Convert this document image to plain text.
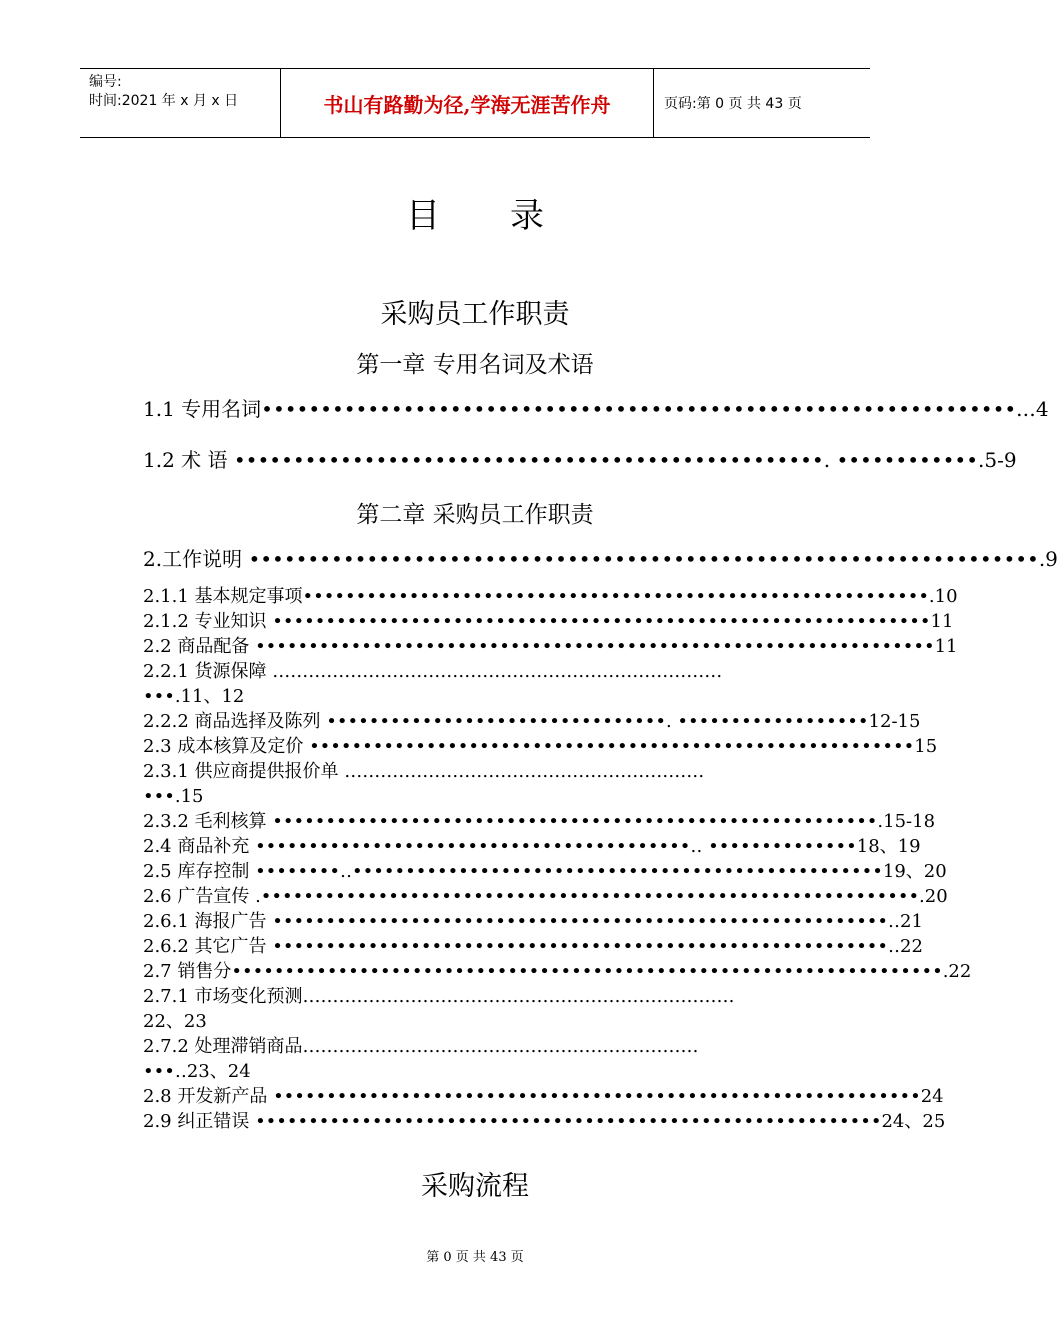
编号:
时间:2021 年 x 月 x 日	书山有路勤为径,学海无涯苦作舟	页码:第 0 页 共 43 页
目录
采购员工作职责
第一章 专用名词及术语
1.1 专用名词••••••••••••••••••••••••••••••••••••••••••••••••••••••••••••••••.‥4
1.2 术 语 ••••••••••••••••••••••••••••••••••••••••••••••••••. ••••••••••••.5-9
第二章 采购员工作职责
2.工作说明 •••••••••••••••••••••••••••••••••••••••••••••••••••••••••••••••••••.9
2.1.1 基本规定事项•••••••••••••••••••••••••••••••••••••••••••••••••••••••••••.10
2.1.2 专业知识 ••••••••••••••••••••••••••••••••••••••••••••••••••••••••••••••11
2.2 商品配备 ••••••••••••••••••••••••••••••••••••••••••••••••••••••••••••••••11
2.2.1 货源保障 …………………………………………………………………
•••.11、12
2.2.2 商品选择及陈列 ••••••••••••••••••••••••••••••••. ••••••••••••••••••12-15
2.3 成本核算及定价 •••••••••••••••••••••••••••••••••••••••••••••••••••••••••15
2.3.1 供应商提供报价单 ……………………………………………………
•••.15
2.3.2 毛利核算 •••••••••••••••••••••••••••••••••••••••••••••••••••••••••.15-18
2.4 商品补充 •••••••••••••••••••••••••••••••••••••••••‥ ••••••••••••••18、19
2.5 库存控制 ••••••••‥••••••••••••••••••••••••••••••••••••••••••••••••••19、20
2.6 广告宣传 .••••••••••••••••••••••••••••••••••••••••••••••••••••••••••••••.20
2.6.1 海报广告 ••••••••••••••••••••••••••••••••••••••••••••••••••••••••••‥21
2.6.2 其它广告 ••••••••••••••••••••••••••••••••••••••••••••••••••••••••••‥22
2.7 销售分•••••••••••••••••••••••••••••••••••••••••••••••••••••••••••••••••••.22
2.7.1 市场变化预测………………………………………………………………
22、23
2.7.2 处理滞销商品…………………………………………………………
•••‥23、24
2.8 开发新产品 •••••••••••••••••••••••••••••••••••••••••••••••••••••••••••••24
2.9 纠正错误 •••••••••••••••••••••••••••••••••••••••••••••••••••••••••••24、25
采购流程
第 0 页 共 43 页
